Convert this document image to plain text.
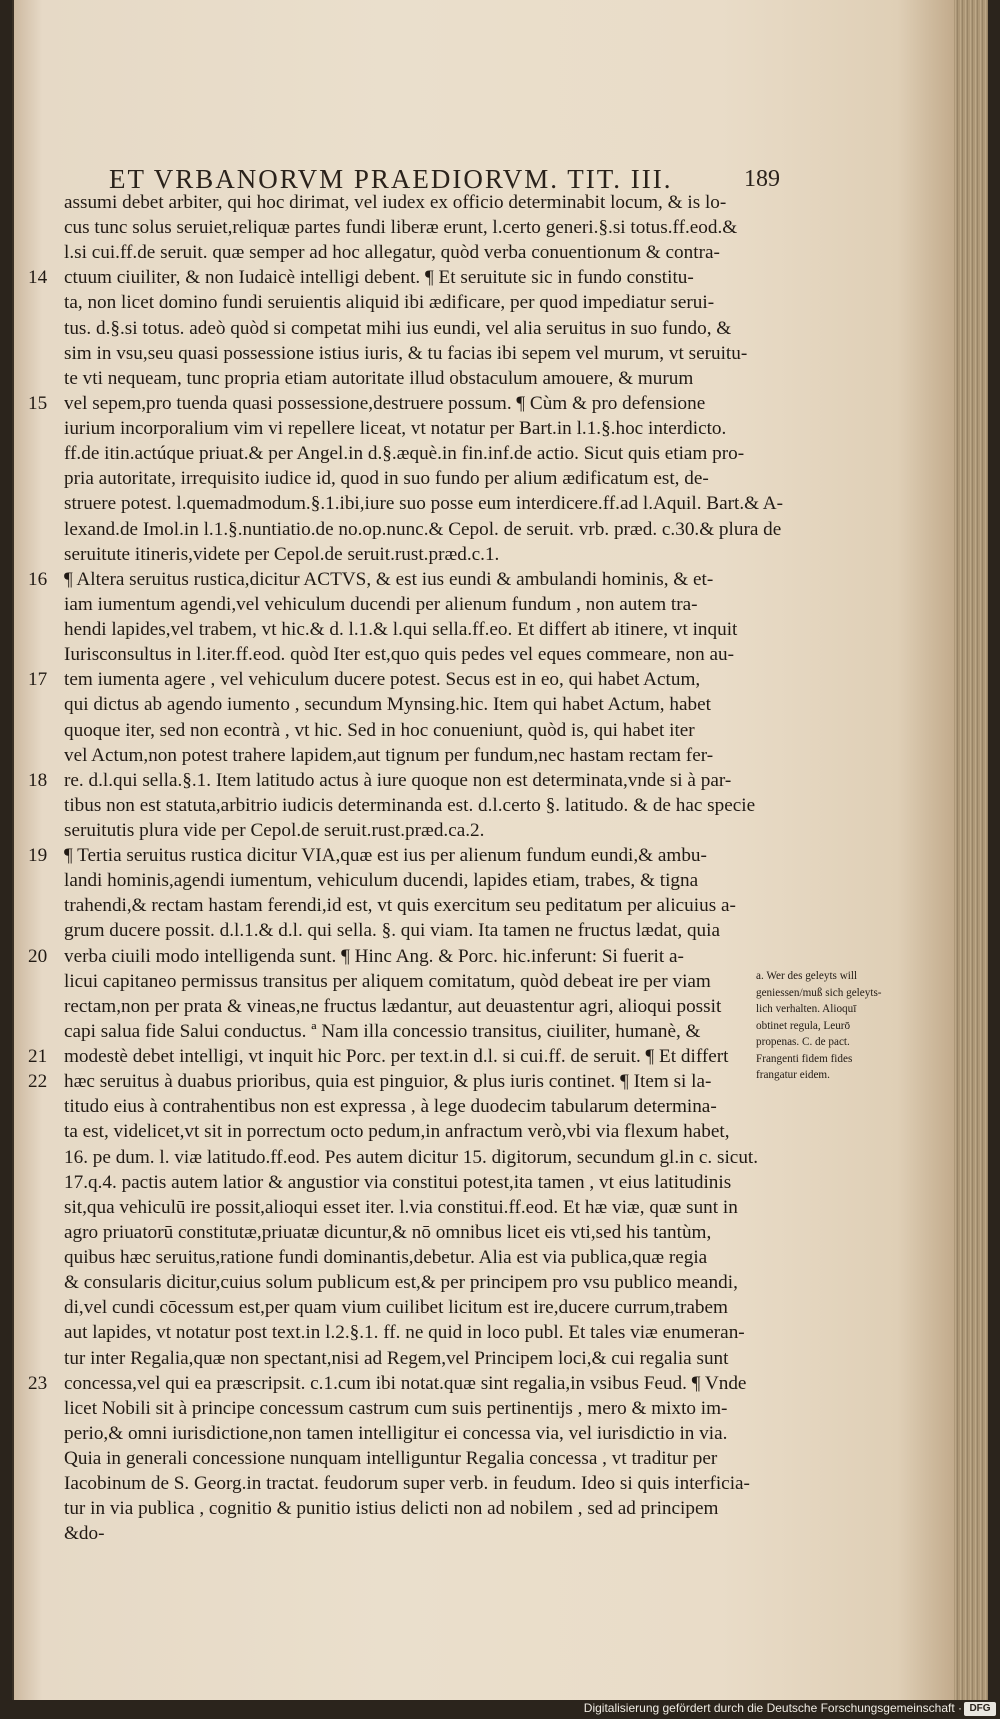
ET VRBANORVM PRAEDIORVM. TIT. III.	189
assumi debet arbiter, qui hoc dirimat, vel iudex ex officio determinabit locum, & is lo-
cus tunc solus seruiet,reliquæ partes fundi liberæ erunt, l.certo generi.§.si totus.ff.eod.&
l.si cui.ff.de seruit. quæ semper ad hoc allegatur, quòd verba conuentionum & contra-
14 ctuum ciuiliter, & non Iudaicè intelligi debent. ¶ Et seruitute sic in fundo constitu-
ta, non licet domino fundi seruientis aliquid ibi ædificare, per quod impediatur serui-
tus. d.§.si totus. adeò quòd si competat mihi ius eundi, vel alia seruitus in suo fundo, &
sim in vsu,seu quasi possessione istius iuris, & tu facias ibi sepem vel murum, vt seruitu-
te vti nequeam, tunc propria etiam autoritate illud obstaculum amouere, & murum
15 vel sepem,pro tuenda quasi possessione,destruere possum. ¶ Cùm & pro defensione
iurium incorporalium vim vi repellere liceat, vt notatur per Bart.in l.1.§.hoc interdicto.
ff.de itin.actúque priuat.& per Angel.in d.§.æquè.in fin.inf.de actio. Sicut quis etiam pro-
pria autoritate, irrequisito iudice id, quod in suo fundo per alium ædificatum est, de-
struere potest. l.quemadmodum.§.1.ibi,iure suo posse eum interdicere.ff.ad l.Aquil. Bart.& A-
lexand.de Imol.in l.1.§.nuntiatio.de no.op.nunc.& Cepol. de seruit. vrb. præd. c.30.& plura de
seruitute itineris,videte per Cepol.de seruit.rust.præd.c.1.
16 ¶ Altera seruitus rustica,dicitur ACTVS, & est ius eundi & ambulandi hominis, & et-
iam iumentum agendi,vel vehiculum ducendi per alienum fundum , non autem tra-
hendi lapides,vel trabem, vt hic.& d. l.1.& l.qui sella.ff.eo. Et differt ab itinere, vt inquit
Iurisconsultus in l.iter.ff.eod. quòd Iter est,quo quis pedes vel eques commeare, non au-
17 tem iumenta agere , vel vehiculum ducere potest. Secus est in eo, qui habet Actum,
qui dictus ab agendo iumento , secundum Mynsing.hic. Item qui habet Actum, habet
quoque iter, sed non econtrà , vt hic. Sed in hoc conueniunt, quòd is, qui habet iter
vel Actum,non potest trahere lapidem,aut tignum per fundum,nec hastam rectam fer-
18 re. d.l.qui sella.§.1. Item latitudo actus à iure quoque non est determinata,vnde si à par-
tibus non est statuta,arbitrio iudicis determinanda est. d.l.certo §. latitudo. & de hac specie
seruitutis plura vide per Cepol.de seruit.rust.præd.ca.2.
19 ¶ Tertia seruitus rustica dicitur VIA,quæ est ius per alienum fundum eundi,& ambu-
landi hominis,agendi iumentum, vehiculum ducendi, lapides etiam, trabes, & tigna
trahendi,& rectam hastam ferendi,id est, vt quis exercitum seu peditatum per alicuius a-
grum ducere possit. d.l.1.& d.l. qui sella. §. qui viam. Ita tamen ne fructus lædat, quia
20 verba ciuili modo intelligenda sunt. ¶ Hinc Ang. & Porc. hic.inferunt: Si fuerit a-
licui capitaneo permissus transitus per aliquem comitatum, quòd debeat ire per viam
rectam,non per prata & vineas,ne fructus lædantur, aut deuastentur agri, alioqui possit
capi salua fide Salui conductus. ª Nam illa concessio transitus, ciuiliter, humanè, &
21 modestè debet intelligi, vt inquit hic Porc. per text.in d.l. si cui.ff. de seruit. ¶ Et differt
22 hæc seruitus à duabus prioribus, quia est pinguior, & plus iuris continet. ¶ Item si la-
titudo eius à contrahentibus non est expressa , à lege duodecim tabularum determina-
ta est, videlicet,vt sit in porrectum octo pedum,in anfractum verò,vbi via flexum habet,
16. pe dum. l. viæ latitudo.ff.eod. Pes autem dicitur 15. digitorum, secundum gl.in c. sicut.
17.q.4. pactis autem latior & angustior via constitui potest,ita tamen , vt eius latitudinis
sit,qua vehiculū ire possit,alioqui esset iter. l.via constitui.ff.eod. Et hæ viæ, quæ sunt in
agro priuatorū constitutæ,priuatæ dicuntur,& nō omnibus licet eis vti,sed his tantùm,
quibus hæc seruitus,ratione fundi dominantis,debetur. Alia est via publica,quæ regia
& consularis dicitur,cuius solum publicum est,& per principem pro vsu publico meandi,
di,vel cundi cōcessum est,per quam vium cuilibet licitum est ire,ducere currum,trabem
aut lapides, vt notatur post text.in l.2.§.1. ff. ne quid in loco publ. Et tales viæ enumeran-
tur inter Regalia,quæ non spectant,nisi ad Regem,vel Principem loci,& cui regalia sunt
23 concessa,vel qui ea præscripsit. c.1.cum ibi notat.quæ sint regalia,in vsibus Feud. ¶ Vnde
licet Nobili sit à principe concessum castrum cum suis pertinentijs , mero & mixto im-
perio,& omni iurisdictione,non tamen intelligitur ei concessa via, vel iurisdictio in via.
Quia in generali concessione nunquam intelliguntur Regalia concessa , vt traditur per
Iacobinum de S. Georg.in tractat. feudorum super verb. in feudum. Ideo si quis interficia-
tur in via publica , cognitio & punitio istius delicti non ad nobilem , sed ad principem
&do-
a. Wer des geleyts will
geniessen/muß sich geleyts-
lich verhalten. Alioquī
obtinet regula, Leurō
propenas. C. de pact.
Frangenti fidem fides
frangatur eidem.
Digitalisierung gefördert durch die Deutsche Forschungsgemeinschaft · DFG
